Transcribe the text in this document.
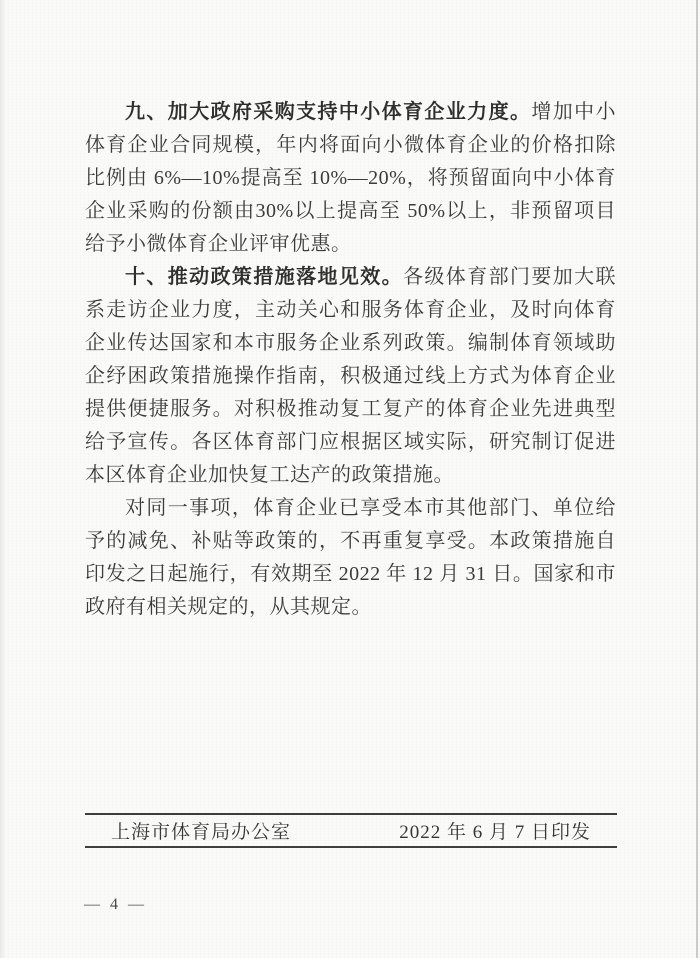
九、加大政府采购支持中小体育企业力度。增加中小体育企业合同规模，年内将面向小微体育企业的价格扣除比例由 6%—10%提高至 10%—20%，将预留面向中小体育企业采购的份额由30%以上提高至 50%以上，非预留项目给予小微体育企业评审优惠。

十、推动政策措施落地见效。各级体育部门要加大联系走访企业力度，主动关心和服务体育企业，及时向体育企业传达国家和本市服务企业系列政策。编制体育领域助企纾困政策措施操作指南，积极通过线上方式为体育企业提供便捷服务。对积极推动复工复产的体育企业先进典型给予宣传。各区体育部门应根据区域实际，研究制订促进本区体育企业加快复工达产的政策措施。

对同一事项，体育企业已享受本市其他部门、单位给予的减免、补贴等政策的，不再重复享受。本政策措施自印发之日起施行，有效期至 2022 年 12 月 31 日。国家和市政府有相关规定的，从其规定。

上海市体育局办公室	2022 年 6 月 7 日印发
— 4 —
